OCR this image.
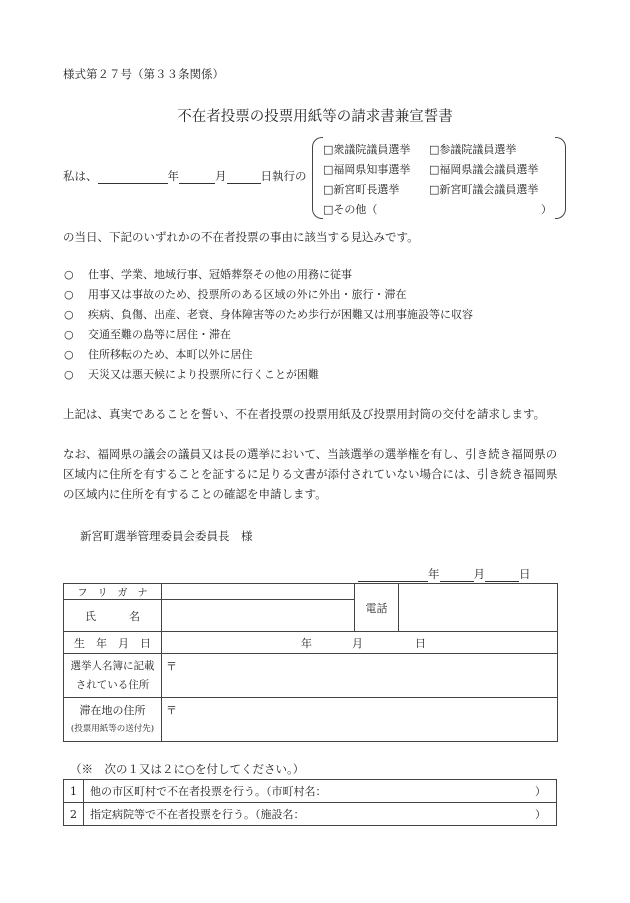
様式第２７号（第３３条関係）
不在者投票の投票用紙等の請求書兼宣誓書
私は、	年	月	日執行の
□衆議院議員選挙 □参議院議員選挙
□福岡県知事選挙 □福岡県議会議員選挙
□新宮町長選挙	□新宮町議会議員選挙
□その他（	）
の当日、下記のいずれかの不在者投票の事由に該当する見込みです。
○ 仕事、学業、地域行事、冠婚葬祭その他の用務に従事
○ 用事又は事故のため、投票所のある区域の外に外出・旅行・滞在
○ 疾病、負傷、出産、老衰、身体障害等のため歩行が困難又は刑事施設等に収容
○ 交通至難の島等に居住・滞在
○ 住所移転のため、本町以外に居住
○ 天災又は悪天候により投票所に行くことが困難
上記は、真実であることを誓い、不在者投票の投票用紙及び投票用封筒の交付を請求します。
なお、福岡県の議会の議員又は長の選挙において、当該選挙の選挙権を有し、引き続き福岡県の
区域内に住所を有することを証するに足りる文書が添付されていない場合には、引き続き福岡県
の区域内に住所を有することの確認を申請します。
新宮町選挙管理委員会委員長　様
年	月	日
フ　リ　ガ　ナ		電話	
氏　　　名			
生　年　月　日	年 月 日		

選挙人名簿に記載
されている住所	〒		

滞在地の住所
(投票用紙等の送付先)	〒		
（※　次の１又は２に○を付してください。）
1	他の市区町村で不在者投票を行う。（市町村名： ）

2	指定病院等で不在者投票を行う。（施設名： ）
